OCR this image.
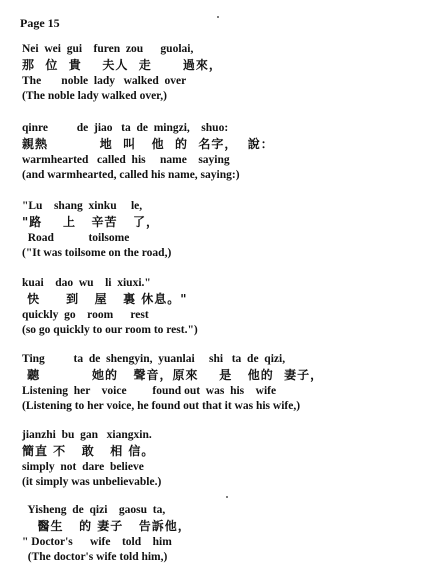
Page 15
Nei  wei  gui    furen  zou      guolai,
那  位  貴    夫人  走      過來，
The       noble  lady   walked  over
(The noble lady walked over,)
qinre          de  jiao   ta  de  mingzi,    shuo:
親熱          地  叫   他  的  名字，  說：
warmhearted   called  his     name    saying
(and warmhearted, called his name, saying:)
"Lu    shang  xinku     le,
"路    上   辛苦   了，
Road            toilsome
("It was toilsome on the road,)
kuai    dao  wu    li  xiuxi."
快     到   屋   裏 休息。"
quickly  go    room      rest
(so go quickly to our room to rest.")
Ting          ta  de  shengyin,  yuanlai     shi   ta  de  qizi,
聽          她的   聲音，原來    是   他的  妻子，
Listening  her    voice         found out  was  his    wife
(Listening to her voice, he found out that it was his wife,)
jianzhi  bu  gan   xiangxin.
簡直 不   敢   相 信。
simply  not  dare  believe
(it simply was unbelievable.)
Yisheng  de  qizi    gaosu  ta,
醫生   的 妻子   告訴他，
" Doctor's      wife    told    him
(The doctor's wife told him,)
